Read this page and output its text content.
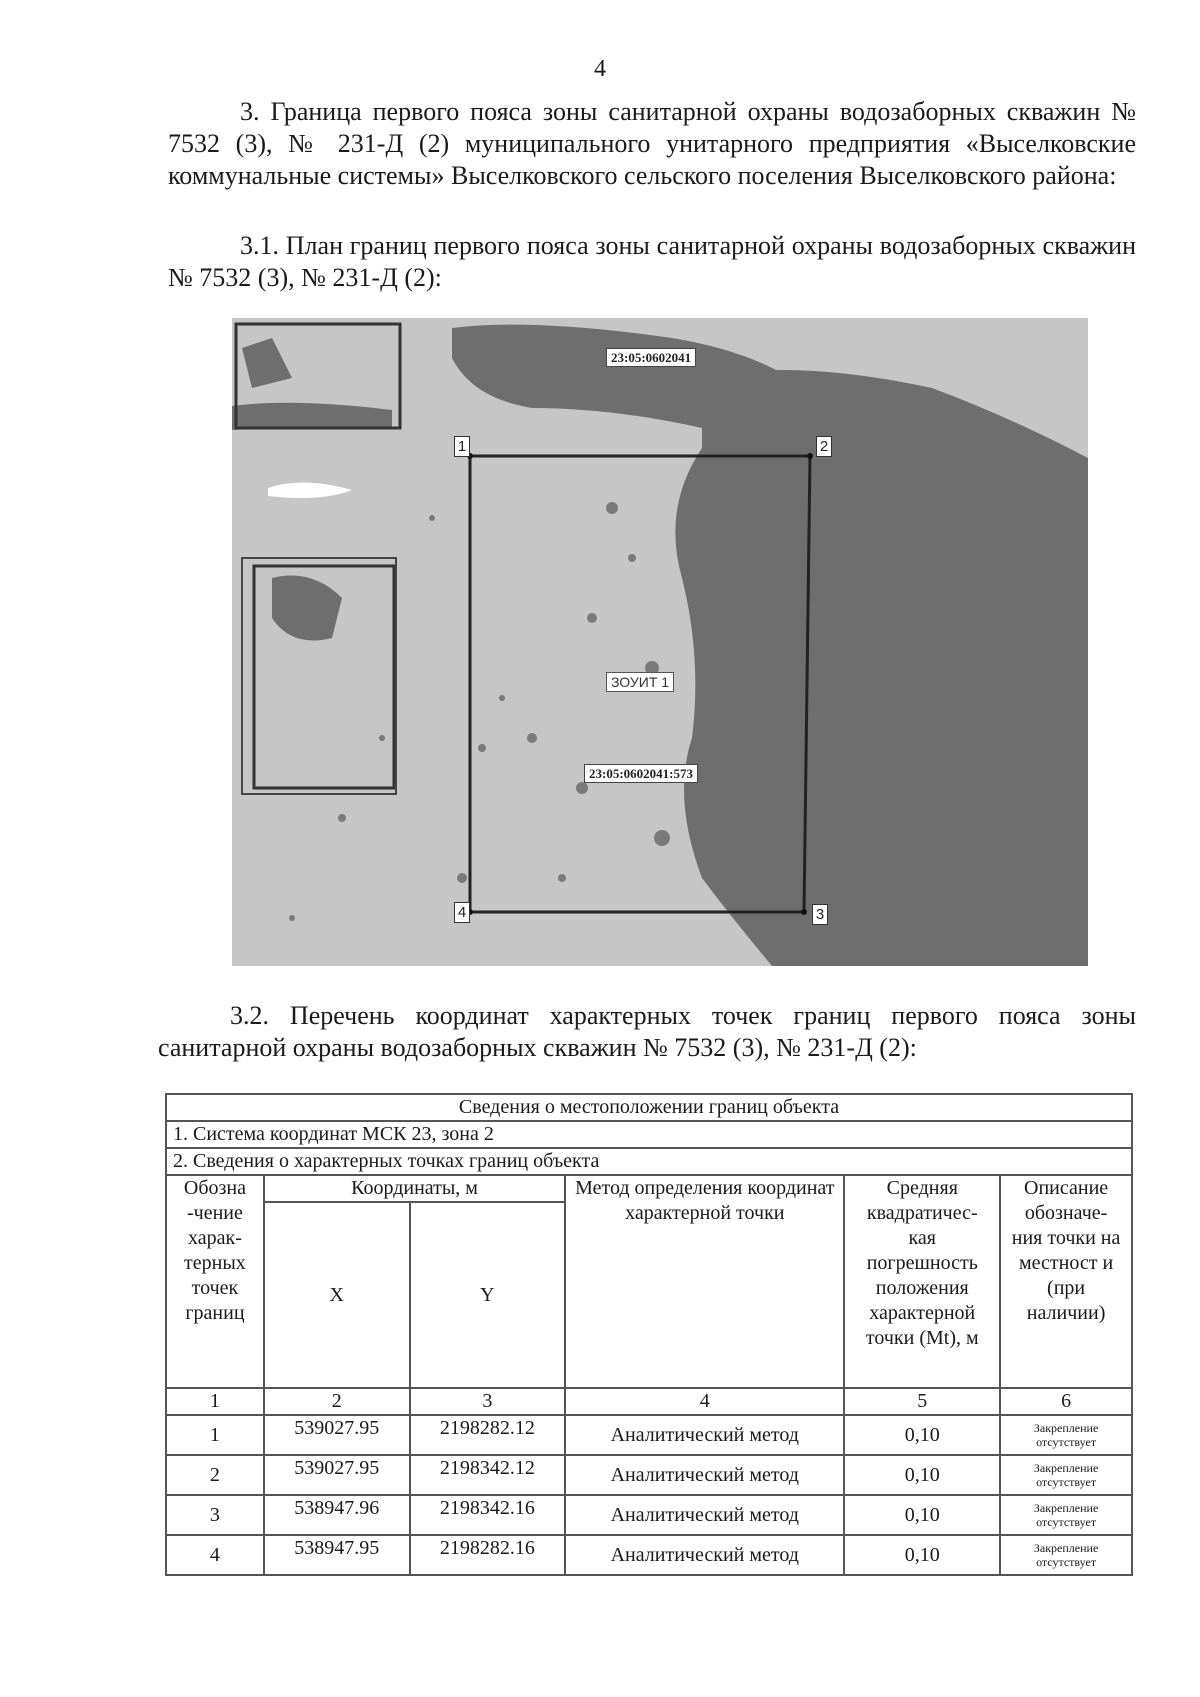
4

3. Граница первого пояса зоны санитарной охраны водозаборных скважин № 7532 (3), № 231-Д (2) муниципального унитарного предприятия «Выселковские коммунальные системы» Выселковского сельского поселения Выселковского района:

3.1. План границ первого пояса зоны санитарной охраны водозаборных скважин № 7532 (3), № 231-Д (2):

23:05:0602041
ЗОУИТ 1
23:05:0602041:573
1	2
3
4

3.2. Перечень координат характерных точек границ первого пояса зоны санитарной охраны водозаборных скважин № 7532 (3), № 231-Д (2):

Сведения о местоположении границ объекта					
1. Система координат МСК 23, зона 2					
2. Сведения о характерных точках границ объекта					
Обозна -чение харак- терных точек границ	Координаты, м		Метод определения координат характерной точки	Средняя квадратичес- кая погрешность положения характерной точки (Мt), м	Описание обозначе- ния точки на местност и (при наличии)
	X	Y			
1	2	3	4	5	6
1	539027.95	2198282.12	Аналитический метод	0,10	Закрепление отсутствует

2	539027.95	2198342.12	Аналитический метод	0,10	Закрепление отсутствует

3	538947.96	2198342.16	Аналитический метод	0,10	Закрепление отсутствует

4	538947.95	2198282.16	Аналитический метод	0,10	Закрепление отсутствует
